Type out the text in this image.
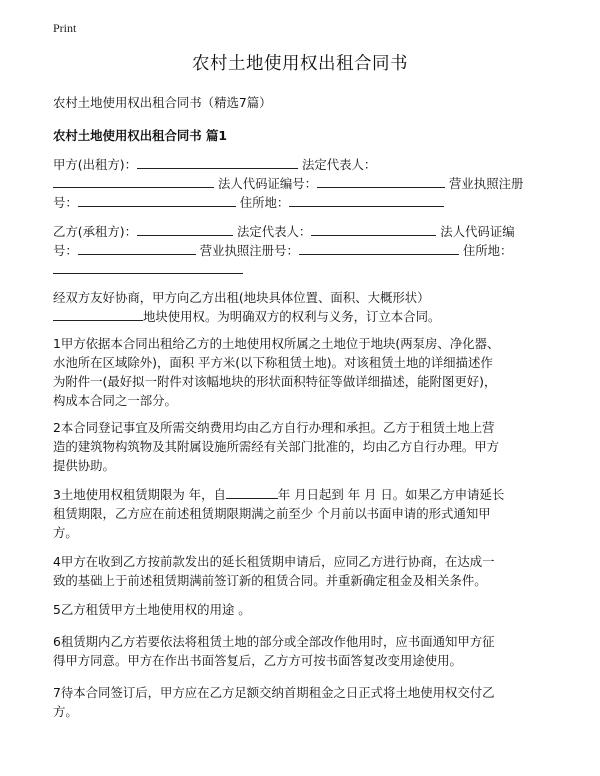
Print
农村土地使用权出租合同书
农村土地使用权出租合同书（精选7篇）
农村土地使用权出租合同书 篇1
甲方(出租方)：	法定代表人：
法人代码证编号：	营业执照注册
号：	住所地：
乙方(承租方)：	法定代表人：	法人代码证编
号：	营业执照注册号：	住所地：
经双方友好协商，甲方向乙方出租(地块具体位置、面积、大概形状）
地块使用权。为明确双方的权利与义务，订立本合同。
1甲方依据本合同出租给乙方的土地使用权所属之土地位于地块(两泵房、净化器、
水池所在区域除外)，面积 平方米(以下称租赁土地)。对该租赁土地的详细描述作
为附件一(最好拟一附件对该幅地块的形状面积特征等做详细描述，能附图更好)，
构成本合同之一部分。
2本合同登记事宜及所需交纳费用均由乙方自行办理和承担。乙方于租赁土地上营
造的建筑物构筑物及其附属设施所需经有关部门批准的，均由乙方自行办理。甲方
提供协助。
3土地使用权租赁期限为 年，自	年 月日起到 年 月 日。如果乙方申请延长
租赁期限，乙方应在前述租赁期限期满之前至少 个月前以书面申请的形式通知甲
方。
4甲方在收到乙方按前款发出的延长租赁期申请后，应同乙方进行协商，在达成一
致的基础上于前述租赁期满前签订新的租赁合同。并重新确定租金及相关条件。
5乙方租赁甲方土地使用权的用途 。
6租赁期内乙方若要依法将租赁土地的部分或全部改作他用时，应书面通知甲方征
得甲方同意。甲方在作出书面答复后，乙方方可按书面答复改变用途使用。
7待本合同签订后，甲方应在乙方足额交纳首期租金之日正式将土地使用权交付乙
方。
